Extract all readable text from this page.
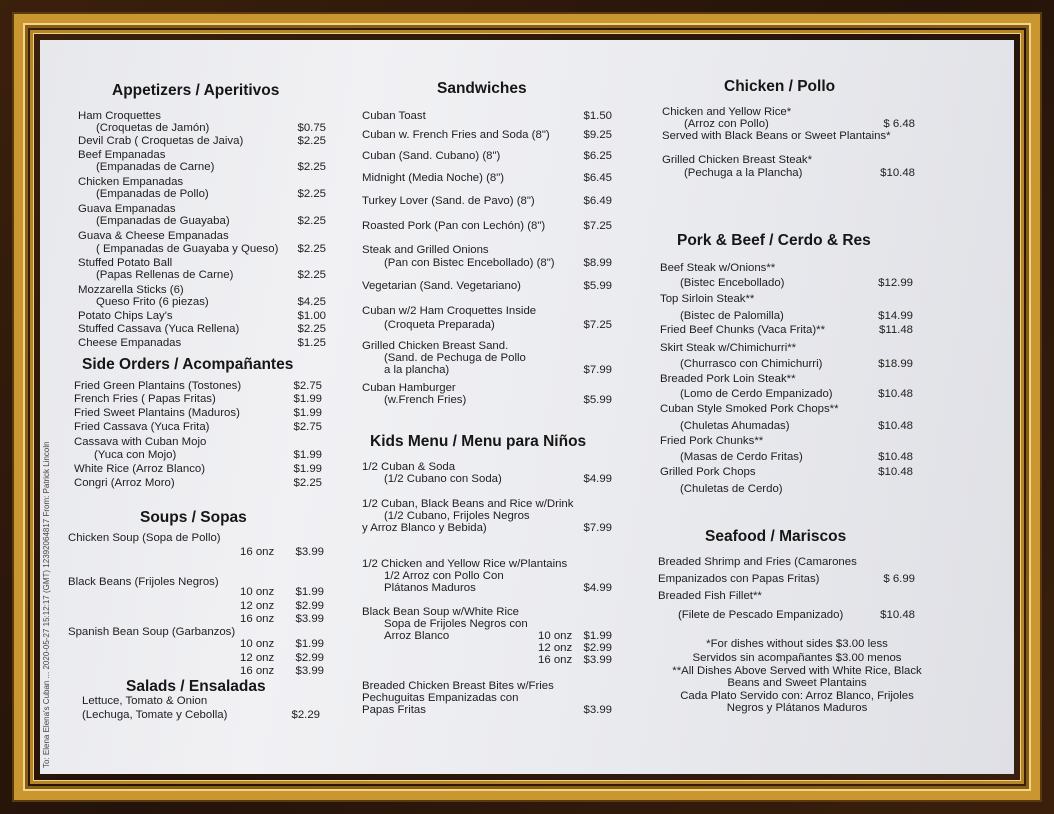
To: Elena Elena's Cuban ... 2020-05-27 15:12:17 (GMT) 12392064817 From: Patrick Lincoln
Appetizers / Aperitivos
Side Orders / Acompañantes
Soups / Sopas
Salads / Ensaladas
Sandwiches
Kids Menu / Menu para Niños
Chicken / Pollo
Pork & Beef / Cerdo & Res
Seafood / Mariscos
Ham Croquettes
(Croquetas de Jamón)	$0.75
Devil Crab ( Croquetas de Jaiva)	$2.25
Beef Empanadas
(Empanadas de Carne)	$2.25
Chicken Empanadas
(Empanadas de Pollo)	$2.25
Guava Empanadas
(Empanadas de Guayaba)	$2.25
Guava & Cheese Empanadas
( Empanadas de Guayaba y Queso)	$2.25
Stuffed Potato Ball
(Papas Rellenas de Carne)	$2.25
Mozzarella Sticks (6)
Queso Frito (6 piezas)	$4.25
Potato Chips Lay's	$1.00
Stuffed Cassava (Yuca Rellena)	$2.25
Cheese Empanadas	$1.25
Fried Green Plantains (Tostones)	$2.75
French Fries ( Papas Fritas)	$1.99
Fried Sweet Plantains (Maduros)	$1.99
Fried Cassava (Yuca Frita)	$2.75
Cassava with Cuban Mojo
(Yuca con Mojo)	$1.99
White Rice (Arroz Blanco)	$1.99
Congri (Arroz Moro)	$2.25
Chicken Soup (Sopa de Pollo)
16 onz	$3.99
Black Beans (Frijoles Negros)
10 onz	$1.99
12 onz	$2.99
16 onz	$3.99
Spanish Bean Soup (Garbanzos)
10 onz	$1.99
12 onz	$2.99
16 onz	$3.99
Lettuce, Tomato & Onion
(Lechuga, Tomate y Cebolla)	$2.29
Cuban Toast	$1.50
Cuban w. French Fries and Soda (8")	$9.25
Cuban (Sand. Cubano) (8")	$6.25
Midnight (Media Noche) (8")	$6.45
Turkey Lover (Sand. de Pavo) (8")	$6.49
Roasted Pork (Pan con Lechón) (8")	$7.25
Steak and Grilled Onions
(Pan con Bistec Encebollado) (8")	$8.99
Vegetarian (Sand. Vegetariano)	$5.99
Cuban w/2 Ham Croquettes Inside
(Croqueta Preparada)	$7.25
Grilled Chicken Breast Sand.
(Sand. de Pechuga de Pollo
a la plancha)	$7.99
Cuban Hamburger
(w.French Fries)	$5.99
1/2 Cuban & Soda
(1/2 Cubano con Soda)	$4.99
1/2 Cuban, Black Beans and Rice w/Drink
(1/2 Cubano, Frijoles Negros
y Arroz Blanco y Bebida)	$7.99
1/2 Chicken and Yellow Rice w/Plantains
1/2 Arroz con Pollo Con
Plátanos Maduros	$4.99
Black Bean Soup w/White Rice
Sopa de Frijoles Negros con
Arroz Blanco	10 onz $1.99
12 onz $2.99
16 onz $3.99
Breaded Chicken Breast Bites w/Fries
Pechuguitas Empanizadas con
Papas Fritas	$3.99
Chicken and Yellow Rice*
(Arroz con Pollo)	$ 6.48
Served with Black Beans or Sweet Plantains*
Grilled Chicken Breast Steak*
(Pechuga a la Plancha)	$10.48
Beef Steak w/Onions**
(Bistec Encebollado)	$12.99
Top Sirloin Steak**
(Bistec de Palomilla)	$14.99
Fried Beef Chunks (Vaca Frita)**	$11.48
Skirt Steak w/Chimichurri**
(Churrasco con Chimichurri)	$18.99
Breaded Pork Loin Steak**
(Lomo de Cerdo Empanizado)	$10.48
Cuban Style Smoked Pork Chops**
(Chuletas Ahumadas)	$10.48
Fried Pork Chunks**
(Masas de Cerdo Fritas)	$10.48
Grilled Pork Chops	$10.48
(Chuletas de Cerdo)
Breaded Shrimp and Fries (Camarones
Empanizados con Papas Fritas)	$ 6.99
Breaded Fish Fillet**
(Filete de Pescado Empanizado)	$10.48
*For dishes without sides $3.00 less
Servidos sin acompañantes $3.00 menos
**All Dishes Above Served with White Rice, Black
Beans and Sweet Plantains
Cada Plato Servido con: Arroz Blanco, Frijoles
Negros y Plátanos Maduros
